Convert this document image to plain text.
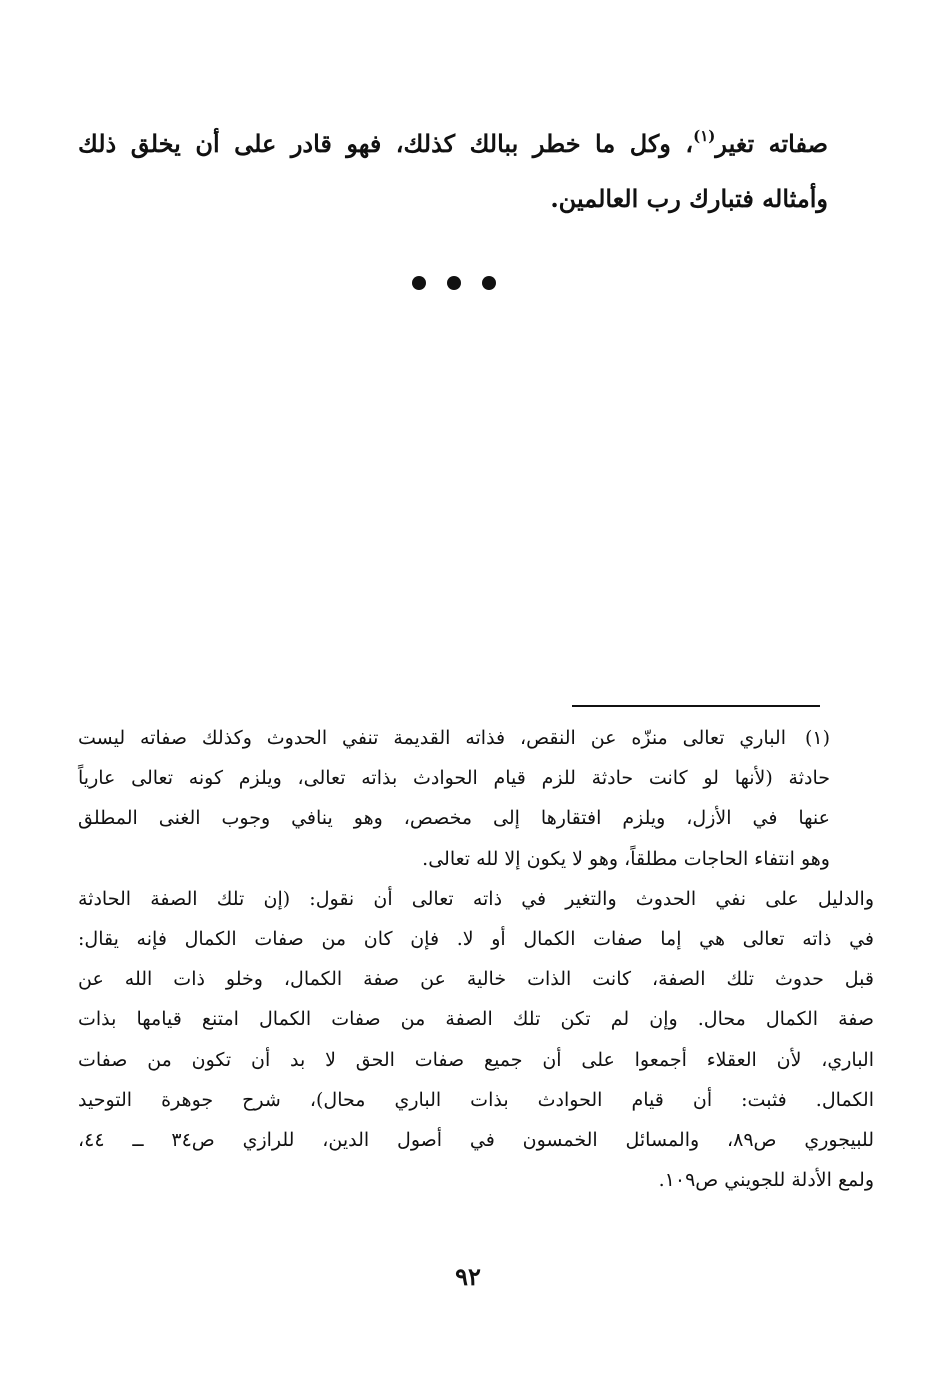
صفاته تغير$^{(١)}$، وكل ما خطر ببالك كذلك، فهو قادر على أن يخلق ذلك
وأمثاله فتبارك رب العالمين.

(١)
الباري تعالى منزّه عن النقص، فذاته القديمة تنفي الحدوث وكذلك صفاته ليست
حادثة (لأنها لو كانت حادثة للزم قيام الحوادث بذاته تعالى، ويلزم كونه تعالى عارياً
عنها في الأزل، ويلزم افتقارها إلى مخصص، وهو ينافي وجوب الغنى المطلق
وهو انتفاء الحاجات مطلقاً، وهو لا يكون إلا لله تعالى.
والدليل على نفي الحدوث والتغير في ذاته تعالى أن نقول: (إن تلك الصفة الحادثة
في ذاته تعالى هي إما صفات الكمال أو لا. فإن كان من صفات الكمال فإنه يقال:
قبل حدوث تلك الصفة، كانت الذات خالية عن صفة الكمال، وخلو ذات الله عن
صفة الكمال محال. وإن لم تكن تلك الصفة من صفات الكمال امتنع قيامها بذات
الباري، لأن العقلاء أجمعوا على أن جميع صفات الحق لا بد أن تكون من صفات
الكمال. فثبت: أن قيام الحوادث بذات الباري محال)، شرح جوهرة التوحيد
للبيجوري ص٨٩، والمسائل الخمسون في أصول الدين، للرازي ص٣٤ ــ ٤٤،
ولمع الأدلة للجويني ص١٠٩.
٩٢
